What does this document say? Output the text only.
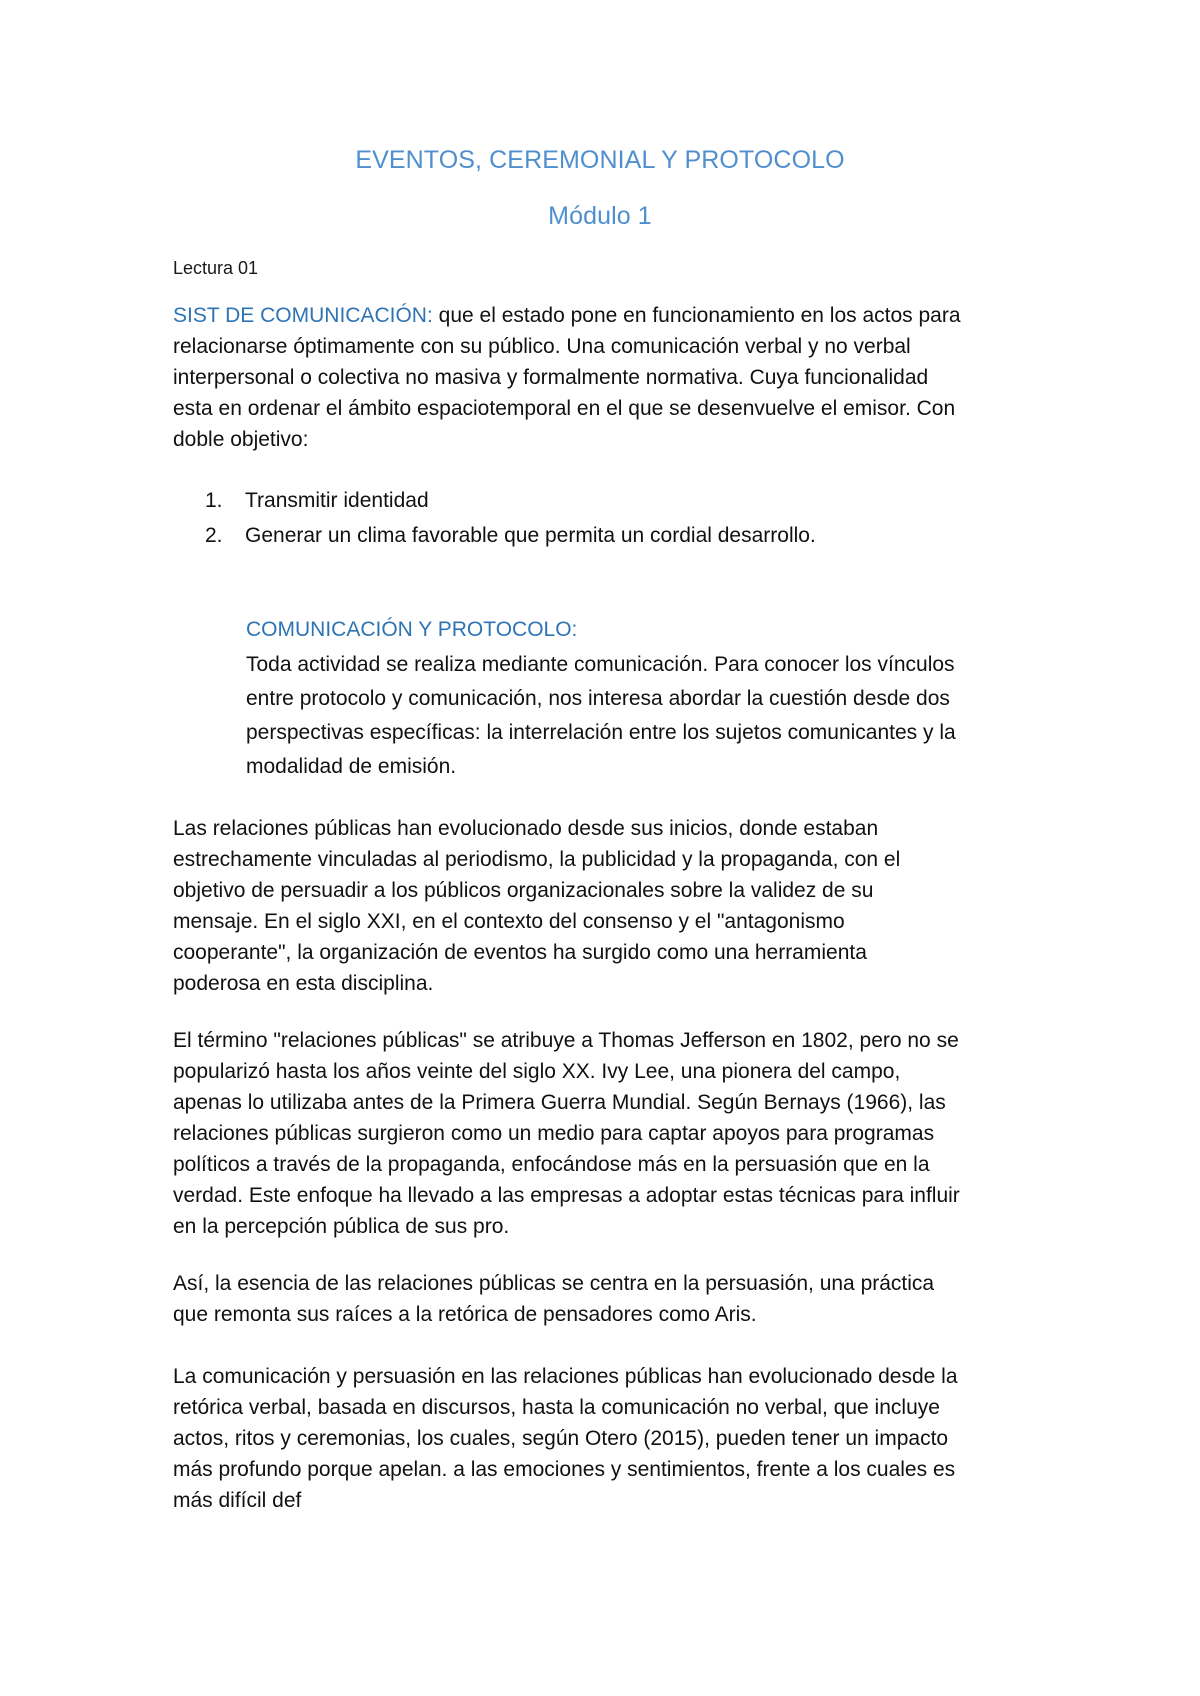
EVENTOS, CEREMONIAL Y PROTOCOLO
Módulo 1

Lectura 01

SIST DE COMUNICACIÓN: que el estado pone en funcionamiento en los actos para
relacionarse óptimamente con su público. Una comunicación verbal y no verbal
interpersonal o colectiva no masiva y formalmente normativa. Cuya funcionalidad
esta en ordenar el ámbito espaciotemporal en el que se desenvuelve el emisor. Con
doble objetivo:

1. Transmitir identidad
2. Generar un clima favorable que permita un cordial desarrollo.
COMUNICACIÓN Y PROTOCOLO:

Toda actividad se realiza mediante comunicación. Para conocer los vínculos
entre protocolo y comunicación, nos interesa abordar la cuestión desde dos
perspectivas específicas: la interrelación entre los sujetos comunicantes y la
modalidad de emisión.

Las relaciones públicas han evolucionado desde sus inicios, donde estaban
estrechamente vinculadas al periodismo, la publicidad y la propaganda, con el
objetivo de persuadir a los públicos organizacionales sobre la validez de su
mensaje. En el siglo XXI, en el contexto del consenso y el "antagonismo
cooperante", la organización de eventos ha surgido como una herramienta
poderosa en esta disciplina.

El término "relaciones públicas" se atribuye a Thomas Jefferson en 1802, pero no se
popularizó hasta los años veinte del siglo XX. Ivy Lee, una pionera del campo,
apenas lo utilizaba antes de la Primera Guerra Mundial. Según Bernays (1966), las
relaciones públicas surgieron como un medio para captar apoyos para programas
políticos a través de la propaganda, enfocándose más en la persuasión que en la
verdad. Este enfoque ha llevado a las empresas a adoptar estas técnicas para influir
en la percepción pública de sus pro.

Así, la esencia de las relaciones públicas se centra en la persuasión, una práctica
que remonta sus raíces a la retórica de pensadores como Aris.

La comunicación y persuasión en las relaciones públicas han evolucionado desde la
retórica verbal, basada en discursos, hasta la comunicación no verbal, que incluye
actos, ritos y ceremonias, los cuales, según Otero (2015), pueden tener un impacto
más profundo porque apelan. a las emociones y sentimientos, frente a los cuales es
más difícil def
